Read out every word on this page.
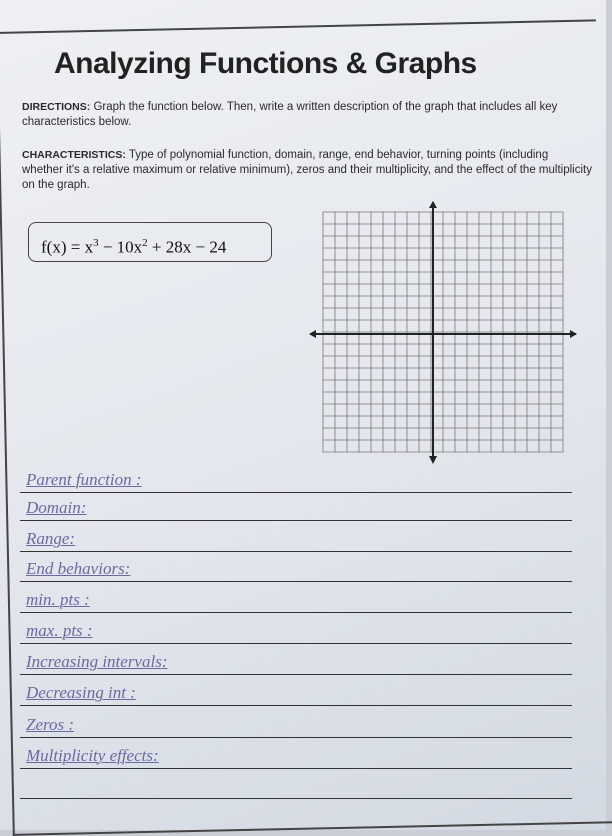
Analyzing Functions & Graphs
DIRECTIONS: Graph the function below. Then, write a written description of the graph that includes all key characteristics below.
CHARACTERISTICS: Type of polynomial function, domain, range, end behavior, turning points (including whether it's a relative maximum or relative minimum), zeros and their multiplicity, and the effect of the multiplicity on the graph.
$f(x) = x^3 - 10x^2 + 28x - 24$
Parent function :
Domain:
Range:
End behaviors:
min. pts :
max. pts :
Increasing intervals:
Decreasing int :
Zeros :
Multiplicity effects:
